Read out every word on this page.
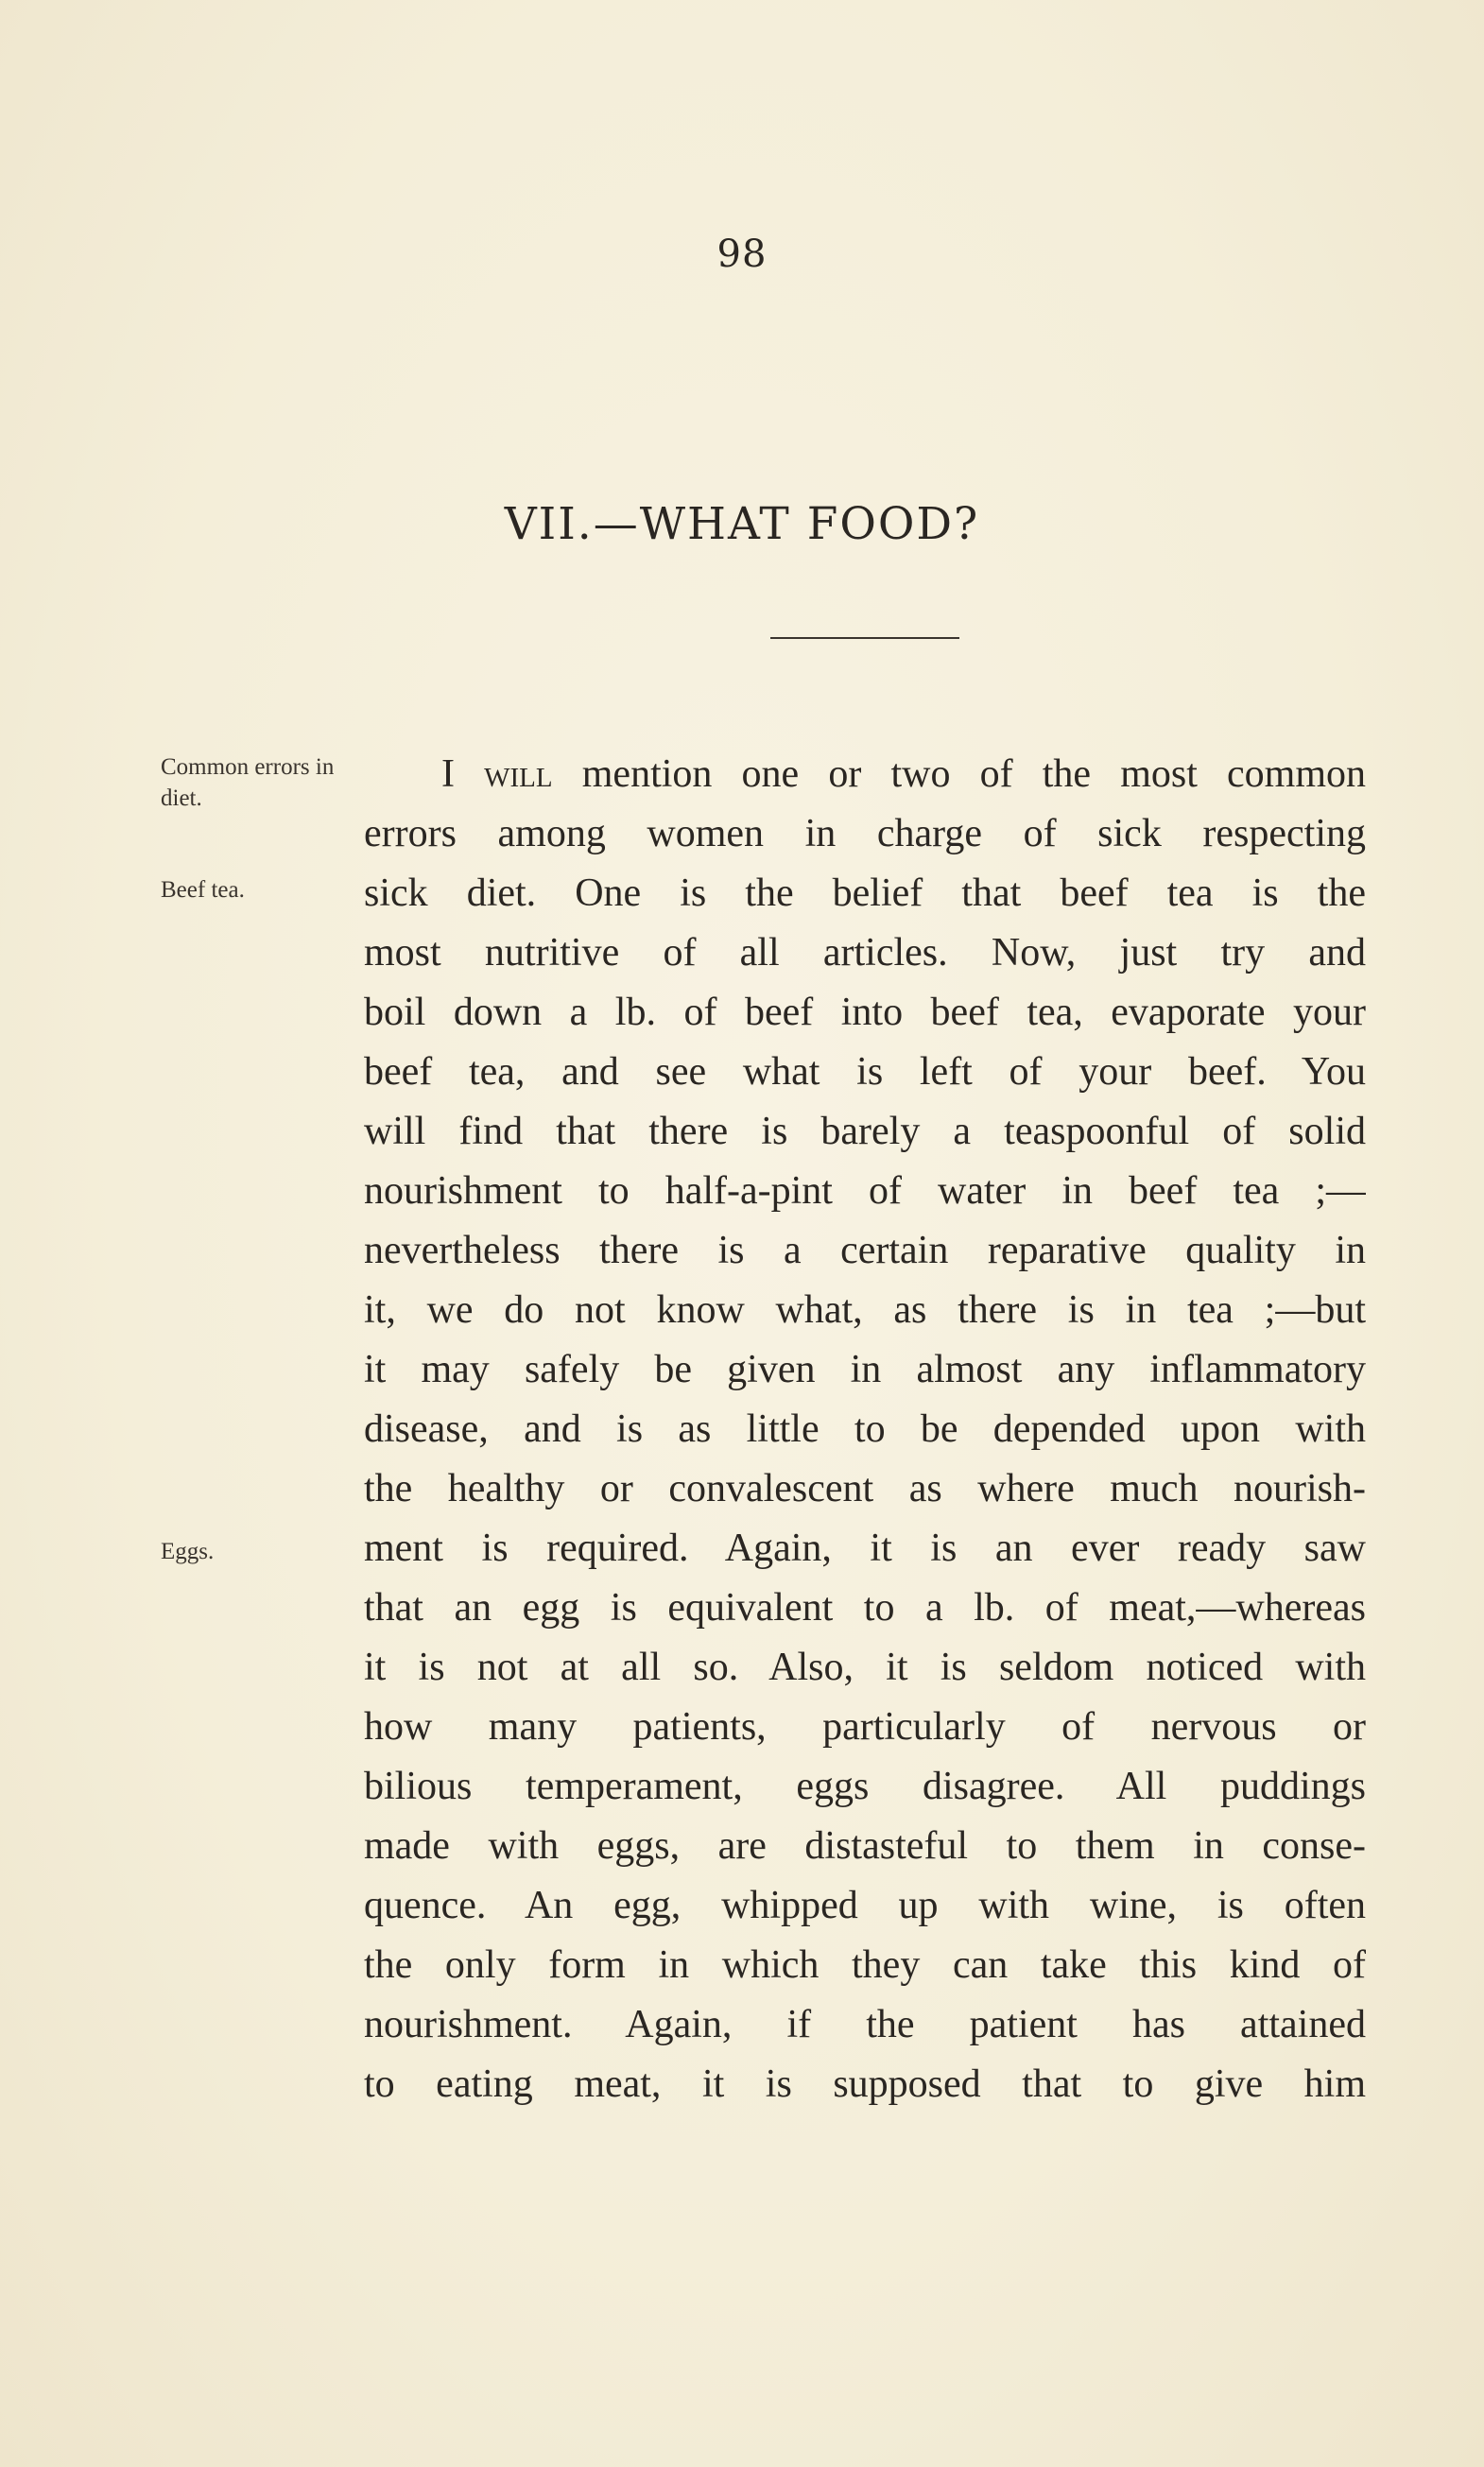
98
VII.—WHAT FOOD?
Common errors in diet.
Beef tea.
Eggs.
I will mention one or two of the most common
errors among women in charge of sick respecting
sick diet. One is the belief that beef tea is the
most nutritive of all articles. Now, just try and
boil down a lb. of beef into beef tea, evaporate your
beef tea, and see what is left of your beef. You
will find that there is barely a teaspoonful of solid
nourishment to half-a-pint of water in beef tea ;—
nevertheless there is a certain reparative quality in
it, we do not know what, as there is in tea ;—but
it may safely be given in almost any inflammatory
disease, and is as little to be depended upon with
the healthy or convalescent as where much nourish-
ment is required. Again, it is an ever ready saw
that an egg is equivalent to a lb. of meat,—whereas
it is not at all so. Also, it is seldom noticed with
how many patients, particularly of nervous or
bilious temperament, eggs disagree. All puddings
made with eggs, are distasteful to them in conse-
quence. An egg, whipped up with wine, is often
the only form in which they can take this kind of
nourishment. Again, if the patient has attained
to eating meat, it is supposed that to give him
